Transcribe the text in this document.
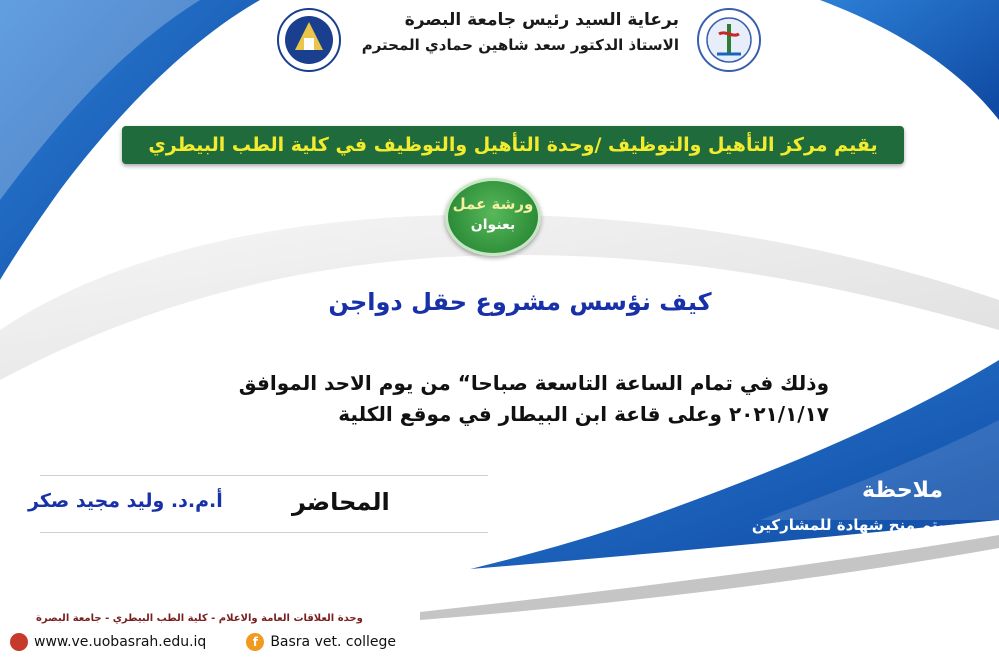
برعاية السيد رئيس جامعة البصرة
الاستاذ الدكتور سعد شاهين حمادي المحترم
يقيم مركز التأهيل والتوظيف /وحدة التأهيل والتوظيف في كلية الطب البيطري
ورشة عمل
بعنوان
كيف نؤسس مشروع حقل دواجن
وذلك في تمام الساعة التاسعة صباحا“ من يوم الاحد الموافق
٢٠٢١/١/١٧ وعلى قاعة ابن البيطار في موقع الكلية
المحاضر
أ.م.د. وليد مجيد صكر	ملاحظة
سيتم منح شهادة للمشاركين
وحدة العلاقات العامة والاعلام - كلية الطب البيطري - جامعة البصرة
www.ve.uobasrah.edu.iq	f Basra vet. college
